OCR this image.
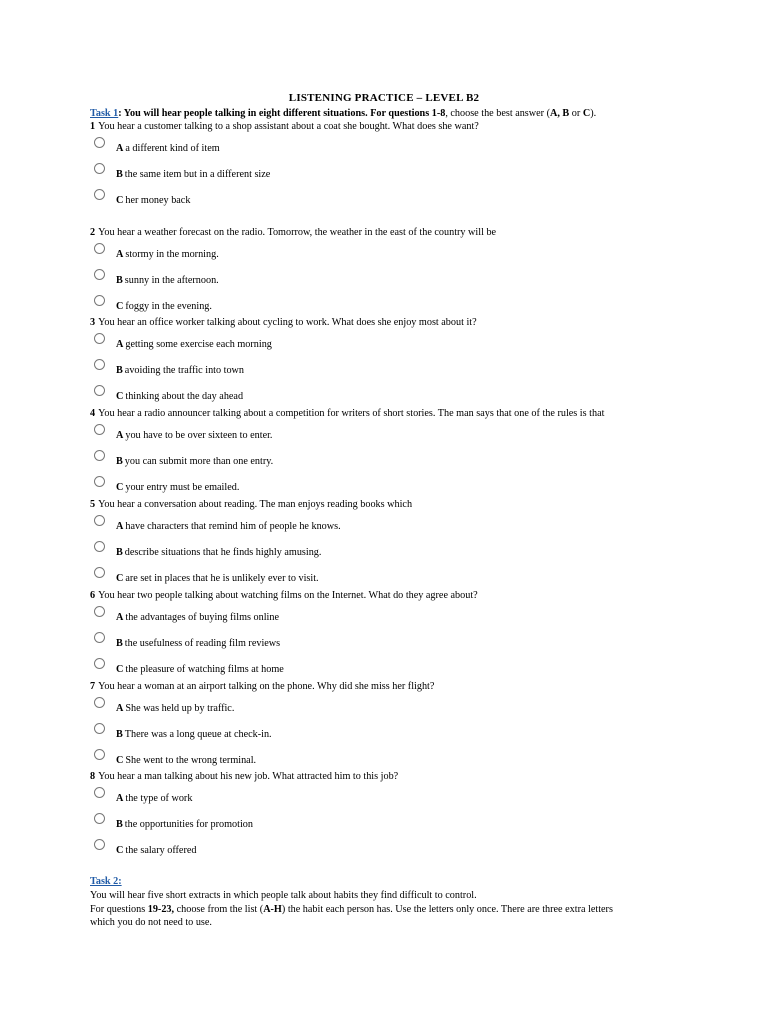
LISTENING PRACTICE – LEVEL B2
Task 1: You will hear people talking in eight different situations. For questions 1-8, choose the best answer (A, B or C).
1 You hear a customer talking to a shop assistant about a coat she bought. What does she want?
A a different kind of item
B the same item but in a different size
C her money back
2 You hear a weather forecast on the radio. Tomorrow, the weather in the east of the country will be
A stormy in the morning.
B sunny in the afternoon.
C foggy in the evening.
3 You hear an office worker talking about cycling to work. What does she enjoy most about it?
A getting some exercise each morning
B avoiding the traffic into town
C thinking about the day ahead
4 You hear a radio announcer talking about a competition for writers of short stories. The man says that one of the rules is that
A you have to be over sixteen to enter.
B you can submit more than one entry.
C your entry must be emailed.
5 You hear a conversation about reading. The man enjoys reading books which
A have characters that remind him of people he knows.
B describe situations that he finds highly amusing.
C are set in places that he is unlikely ever to visit.
6 You hear two people talking about watching films on the Internet. What do they agree about?
A the advantages of buying films online
B the usefulness of reading film reviews
C the pleasure of watching films at home
7 You hear a woman at an airport talking on the phone. Why did she miss her flight?
A She was held up by traffic.
B There was a long queue at check-in.
C She went to the wrong terminal.
8 You hear a man talking about his new job. What attracted him to this job?
A the type of work
B the opportunities for promotion
C the salary offered
Task 2:
You will hear five short extracts in which people talk about habits they find difficult to control.
For questions 19-23, choose from the list (A-H) the habit each person has. Use the letters only once. There are three extra letters
which you do not need to use.
